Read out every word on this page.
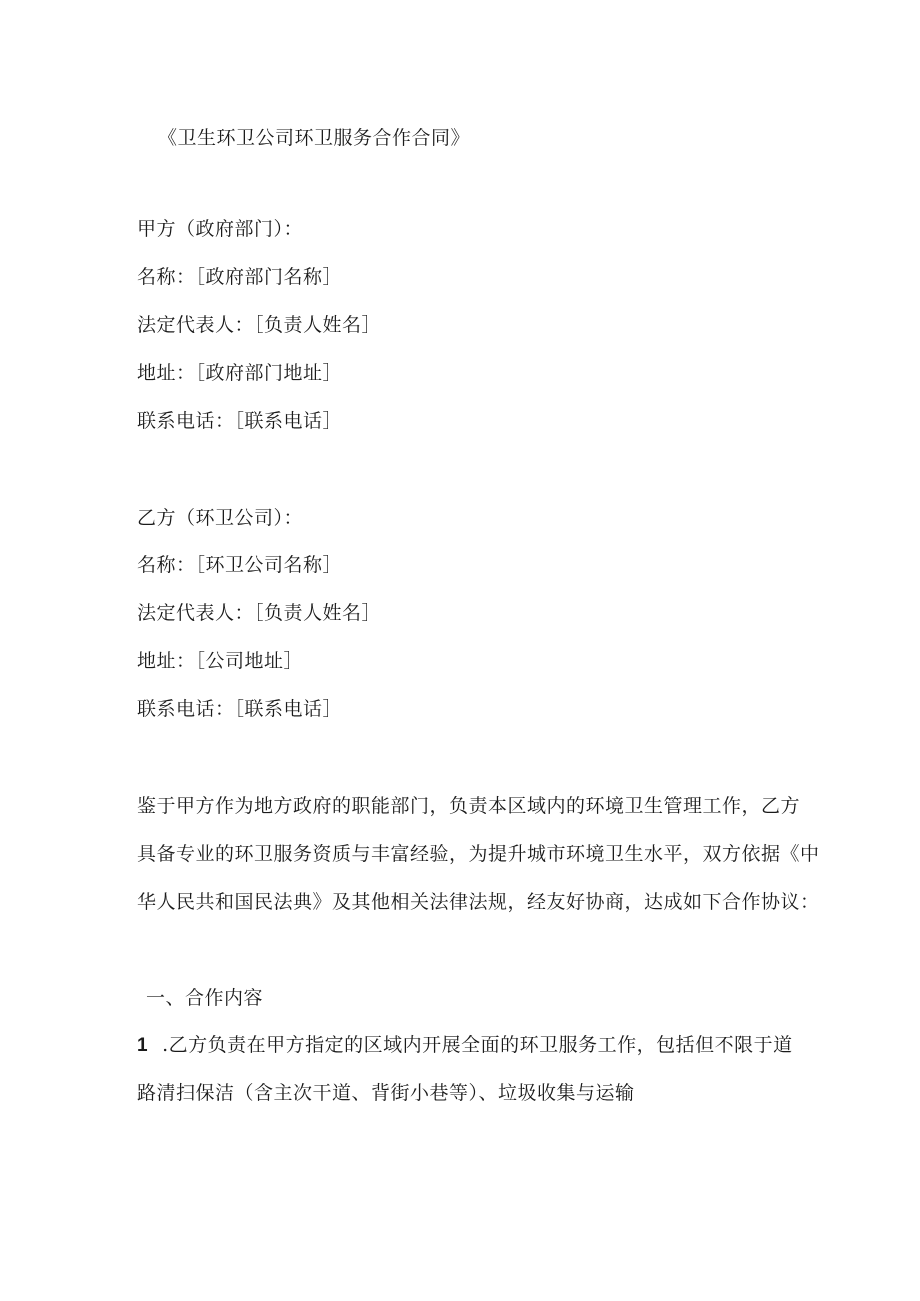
《卫生环卫公司环卫服务合作合同》
甲方（政府部门）：
名称：［政府部门名称］
法定代表人：［负责人姓名］
地址：［政府部门地址］
联系电话：［联系电话］
乙方（环卫公司）：
名称：［环卫公司名称］
法定代表人：［负责人姓名］
地址：［公司地址］
联系电话：［联系电话］
鉴于甲方作为地方政府的职能部门，负责本区域内的环境卫生管理工作，乙方
具备专业的环卫服务资质与丰富经验，为提升城市环境卫生水平，双方依据《中
华人民共和国民法典》及其他相关法律法规，经友好协商，达成如下合作协议：
一、合作内容
1 .乙方负责在甲方指定的区域内开展全面的环卫服务工作，包括但不限于道
路清扫保洁（含主次干道、背街小巷等）、垃圾收集与运输
